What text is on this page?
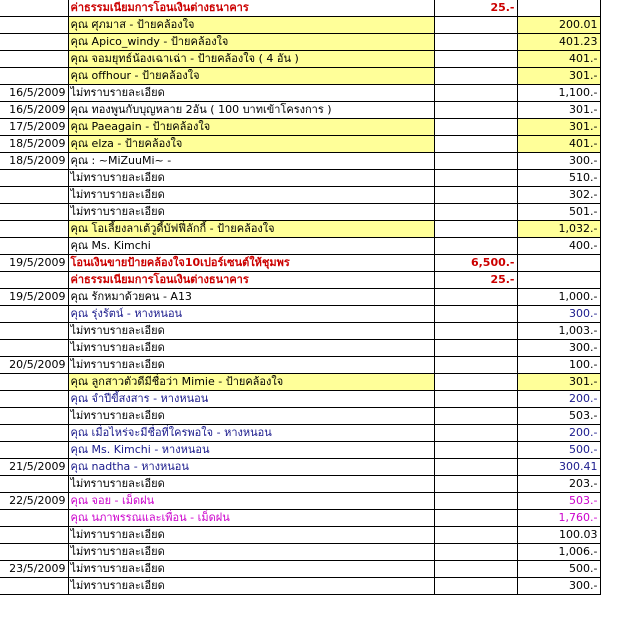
	ค่าธรรมเนียมการโอนเงินต่างธนาคาร	25.-	
	คุณ ศุภมาส - ป้ายคล้องใจ		200.01
	คุณ Apico_windy - ป้ายคล้องใจ		401.23
	คุณ จอมยุทธ์น้องเฉาเฉ่า - ป้ายคล้องใจ ( 4 อัน )		401.-
	คุณ offhour - ป้ายคล้องใจ		301.-
16/5/2009	ไม่ทราบรายละเอียด		1,100.-
16/5/2009	คุณ ทองพูนกับบุญหลาย 2อัน ( 100 บาทเข้าโครงการ )		301.-
17/5/2009	คุณ Paeagain - ป้ายคล้องใจ		301.-
18/5/2009	คุณ elza - ป้ายคล้องใจ		401.-
18/5/2009	คุณ : ~MiZuuMi~ -		300.-
	ไม่ทราบรายละเอียด		510.-
	ไม่ทราบรายละเอียด		302.-
	ไม่ทราบรายละเอียด		501.-
	คุณ โอเลี้ยงลาเต้วูดี้บัฟฟี่ลักกี้ - ป้ายคล้องใจ		1,032.-
	คุณ Ms. Kimchi		400.-
19/5/2009	โอนเงินขายป้ายคล้องใจ10เปอร์เซนต์ให้ชุมพร	6,500.-	
	ค่าธรรมเนียมการโอนเงินต่างธนาคาร	25.-	
19/5/2009	คุณ รักหมาด้วยคน - A13		1,000.-
	คุณ รุ่งรัตน์ - หางหนอน		300.-
	ไม่ทราบรายละเอียด		1,003.-
	ไม่ทราบรายละเอียด		300.-
20/5/2009	ไม่ทราบรายละเอียด		100.-
	คุณ ลูกสาวตัวดีมีชื่อว่า Mimie - ป้ายคล้องใจ		301.-
	คุณ จำปีขี้สงสาร - หางหนอน		200.-
	ไม่ทราบรายละเอียด		503.-
	คุณ เมื่อไหร่จะมีชื่อที่ใครพอใจ - หางหนอน		200.-
	คุณ Ms. Kimchi - หางหนอน		500.-
21/5/2009	คุณ nadtha - หางหนอน		300.41
	ไม่ทราบรายละเอียด		203.-
22/5/2009	คุณ จอย - เม็ดฝน		503.-
	คุณ นภาพรรณและเพื่อน - เม็ดฝน		1,760.-
	ไม่ทราบรายละเอียด		100.03
	ไม่ทราบรายละเอียด		1,006.-
23/5/2009	ไม่ทราบรายละเอียด		500.-
	ไม่ทราบรายละเอียด		300.-
